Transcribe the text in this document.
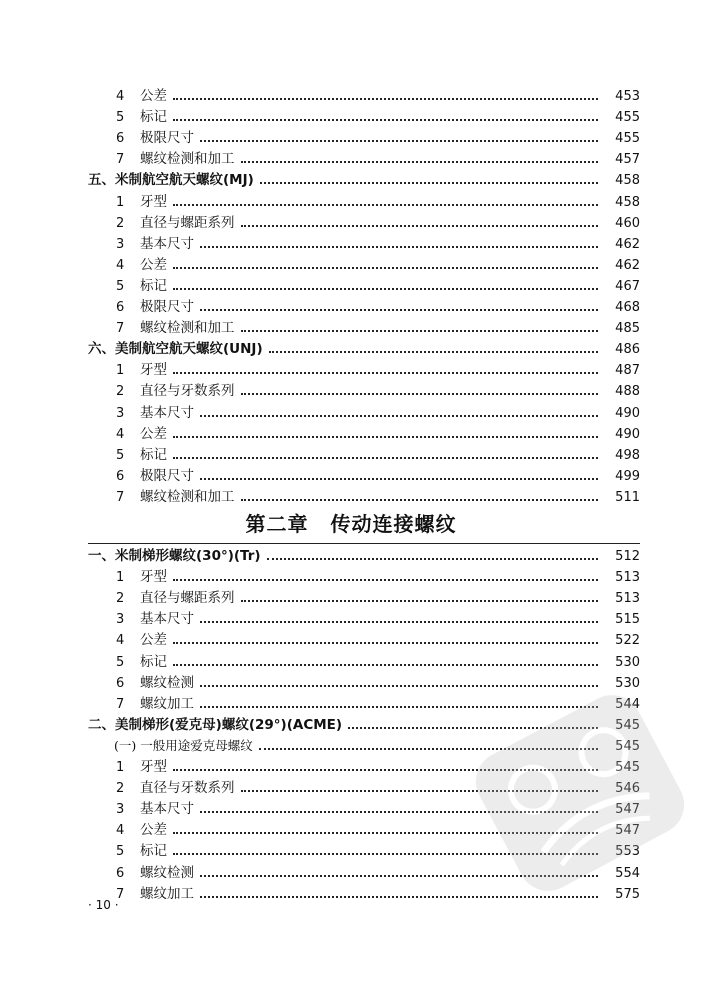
4	公差	453
5	标记	455
6	极限尺寸	455
7	螺纹检测和加工	457
五、米制航空航天螺纹(MJ)	458
1	牙型	458
2	直径与螺距系列	460
3	基本尺寸	462
4	公差	462
5	标记	467
6	极限尺寸	468
7	螺纹检测和加工	485
六、美制航空航天螺纹(UNJ)	486
1	牙型	487
2	直径与牙数系列	488
3	基本尺寸	490
4	公差	490
5	标记	498
6	极限尺寸	499
7	螺纹检测和加工	511
第二章 传动连接螺纹
一、米制梯形螺纹(30°)(Tr)	512
1	牙型	513
2	直径与螺距系列	513
3	基本尺寸	515
4	公差	522
5	标记	530
6	螺纹检测	530
7	螺纹加工	544
二、美制梯形(爱克母)螺纹(29°)(ACME)	545
(一) 一般用途爱克母螺纹	545
1	牙型	545
2	直径与牙数系列	546
3	基本尺寸	547
4	公差	547
5	标记	553
6	螺纹检测	554
7	螺纹加工	575
· 10 ·
